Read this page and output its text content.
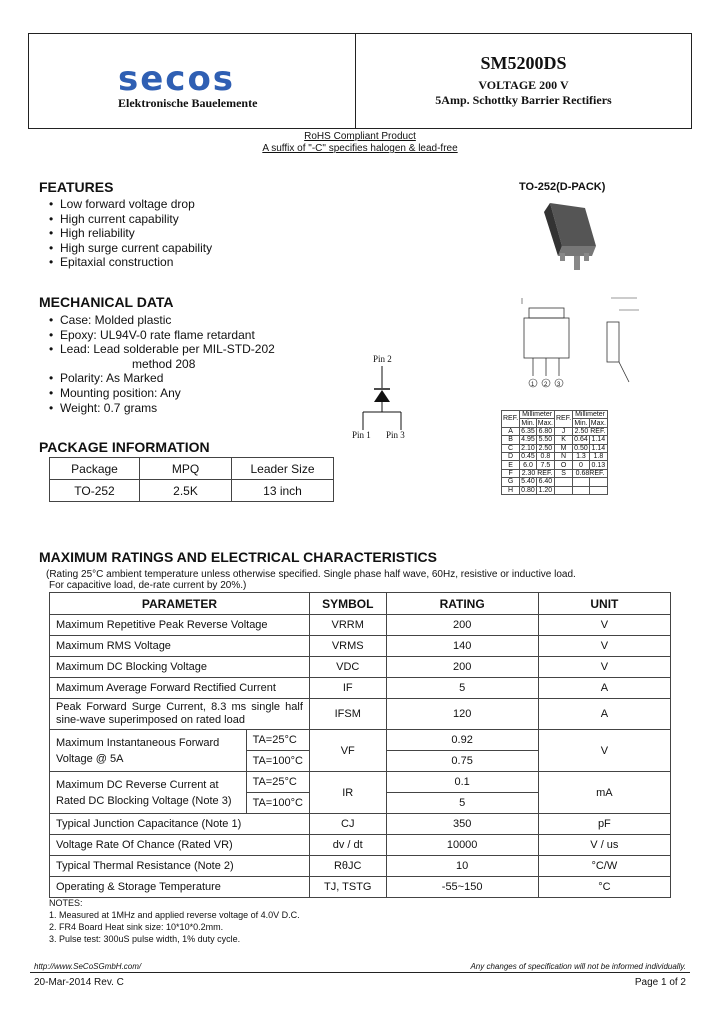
secos
Elektronische Bauelemente
SM5200DS
VOLTAGE 200 V
5Amp. Schottky Barrier Rectifiers
RoHS Compliant Product
A suffix of "-C" specifies halogen & lead-free
FEATURES
• Low forward voltage drop
• High current capability
• High reliability
• High surge current capability
• Epitaxial construction
MECHANICAL DATA
• Case: Molded plastic
• Epoxy: UL94V-0 rate flame retardant
• Lead: Lead solderable per MIL-STD-202
method 208
• Polarity: As Marked
• Mounting position: Any
• Weight: 0.7 grams
PACKAGE INFORMATION
Package	MPQ	Leader Size
TO-252	2.5K	13 inch
Pin 2
Pin 1 Pin 3
TO-252(D-PACK)
1 2 3
REF.	Millimeter		REF.	Millimeter	
	Min.	Max.		Min.	Max.
A	6.35	6.80	J	2.50 REF.	
B	4.95	5.50	K	0.64	1.14
C	2.10	2.50	M	0.50	1.14
D	0.45	0.8	N	1.3	1.8
E	6.0	7.5	O	0	0.13
F	2.30 REF.		S	0.68REF.	
G	5.40	6.40			
H	0.80	1.20			
MAXIMUM RATINGS AND ELECTRICAL CHARACTERISTICS
(Rating 25°C ambient temperature unless otherwise specified. Single phase half wave, 60Hz, resistive or inductive load.
For capacitive load, de-rate current by 20%.)
PARAMETER		SYMBOL	RATING	UNIT
Maximum Repetitive Peak Reverse Voltage		VRRM	200	V
Maximum RMS Voltage		VRMS	140	V
Maximum DC Blocking Voltage		VDC	200	V
Maximum Average Forward Rectified Current		IF	5	A
Peak Forward Surge Current, 8.3 ms single half sine-wave superimposed on rated load		IFSM	120	A
Maximum Instantaneous Forward Voltage @ 5A	TA=25°C	VF	0.92	V
	TA=100°C		0.75	
Maximum DC Reverse Current at Rated DC Blocking Voltage (Note 3)	TA=25°C	IR	0.1	mA
	TA=100°C		5	
Typical Junction Capacitance (Note 1)		CJ	350	pF
Voltage Rate Of Chance (Rated VR)		dv / dt	10000	V / us
Typical Thermal Resistance (Note 2)		RθJC	10	°C/W
Operating & Storage Temperature		TJ, TSTG	-55~150	°C
NOTES:
1. Measured at 1MHz and applied reverse voltage of 4.0V D.C.
2. FR4 Board Heat sink size: 10*10*0.2mm.
3. Pulse test: 300uS pulse width, 1% duty cycle.
http://www.SeCoSGmbH.com/	Any changes of specification will not be informed individually.
20-Mar-2014 Rev. C	Page 1 of 2
